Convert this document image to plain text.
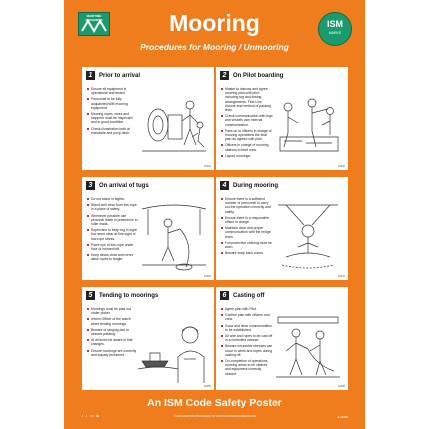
MARITIME PROGRESS	Mooring
Procedures for Mooring / Unmooring
ISM
MARKS
1	Prior to arrival
Ensure all equipment is operational and tested.
Personnel to be fully acquainted with mooring equipment.
Mooring ropes, wires and stoppers must be inspected and in good condition.
Check illumination both at forecastle and poop deck.
10401
2	On Pilot boarding
Master to discuss and agree mooring plan with pilot, including tug and towing arrangements. First Line Ashore and method of passing lines.
Check communication with tugs and vessels own internal communication.
Pass on to officers in charge of mooring operations the final plan as agreed with pilot.
Officers in charge of mooring stations to brief crew.
Layout moorings.
10402
3	On arrival of tugs
Do not stand in bights.
Stand well clear from tow-rope in a place of safety.
Whenever possible use personal leads in preference to roller leads.
Supervisor to keep tug in sight but never clear at first sight of tow-rope stress.
Place eye of tow-rope under floor of inboard bitt.
Keep decks clear and never allow ropes to tangle.
10403
4	During mooring
Ensure there is a sufficient number of personnel to carry out the operation correctly and safely.
Ensure there is a responsible officer in charge.
Maintain clear and proper communication with the bridge team.
Full protective clothing must be worn.
Beware snap back zones.
10404
5	Tending to moorings
Moorings must be paid out under power.
Inform Officer of the watch when tending moorings.
Beware of ranging due to vessels passing.
At all times be aware of tide changes.
Ensure moorings are correctly and equally tensioned.
10405
6	Casting off
Agree plan with Pilot.
Confirm plan with officers and crew.
Good and clear communication to be established.
All wire and ropes to be cast off in a controlled manner.
Beware excessive stresses can occur in wires and ropes during casting off.
On completion of operations, mooring areas to be cleared and equipment correctly stowed.
10406
An ISM Code Safety Poster
f t in ▶	© 2020 MARITIME PROGRESS LTD WWW.MARITIMEPROGRESS.COM	■ 10400
